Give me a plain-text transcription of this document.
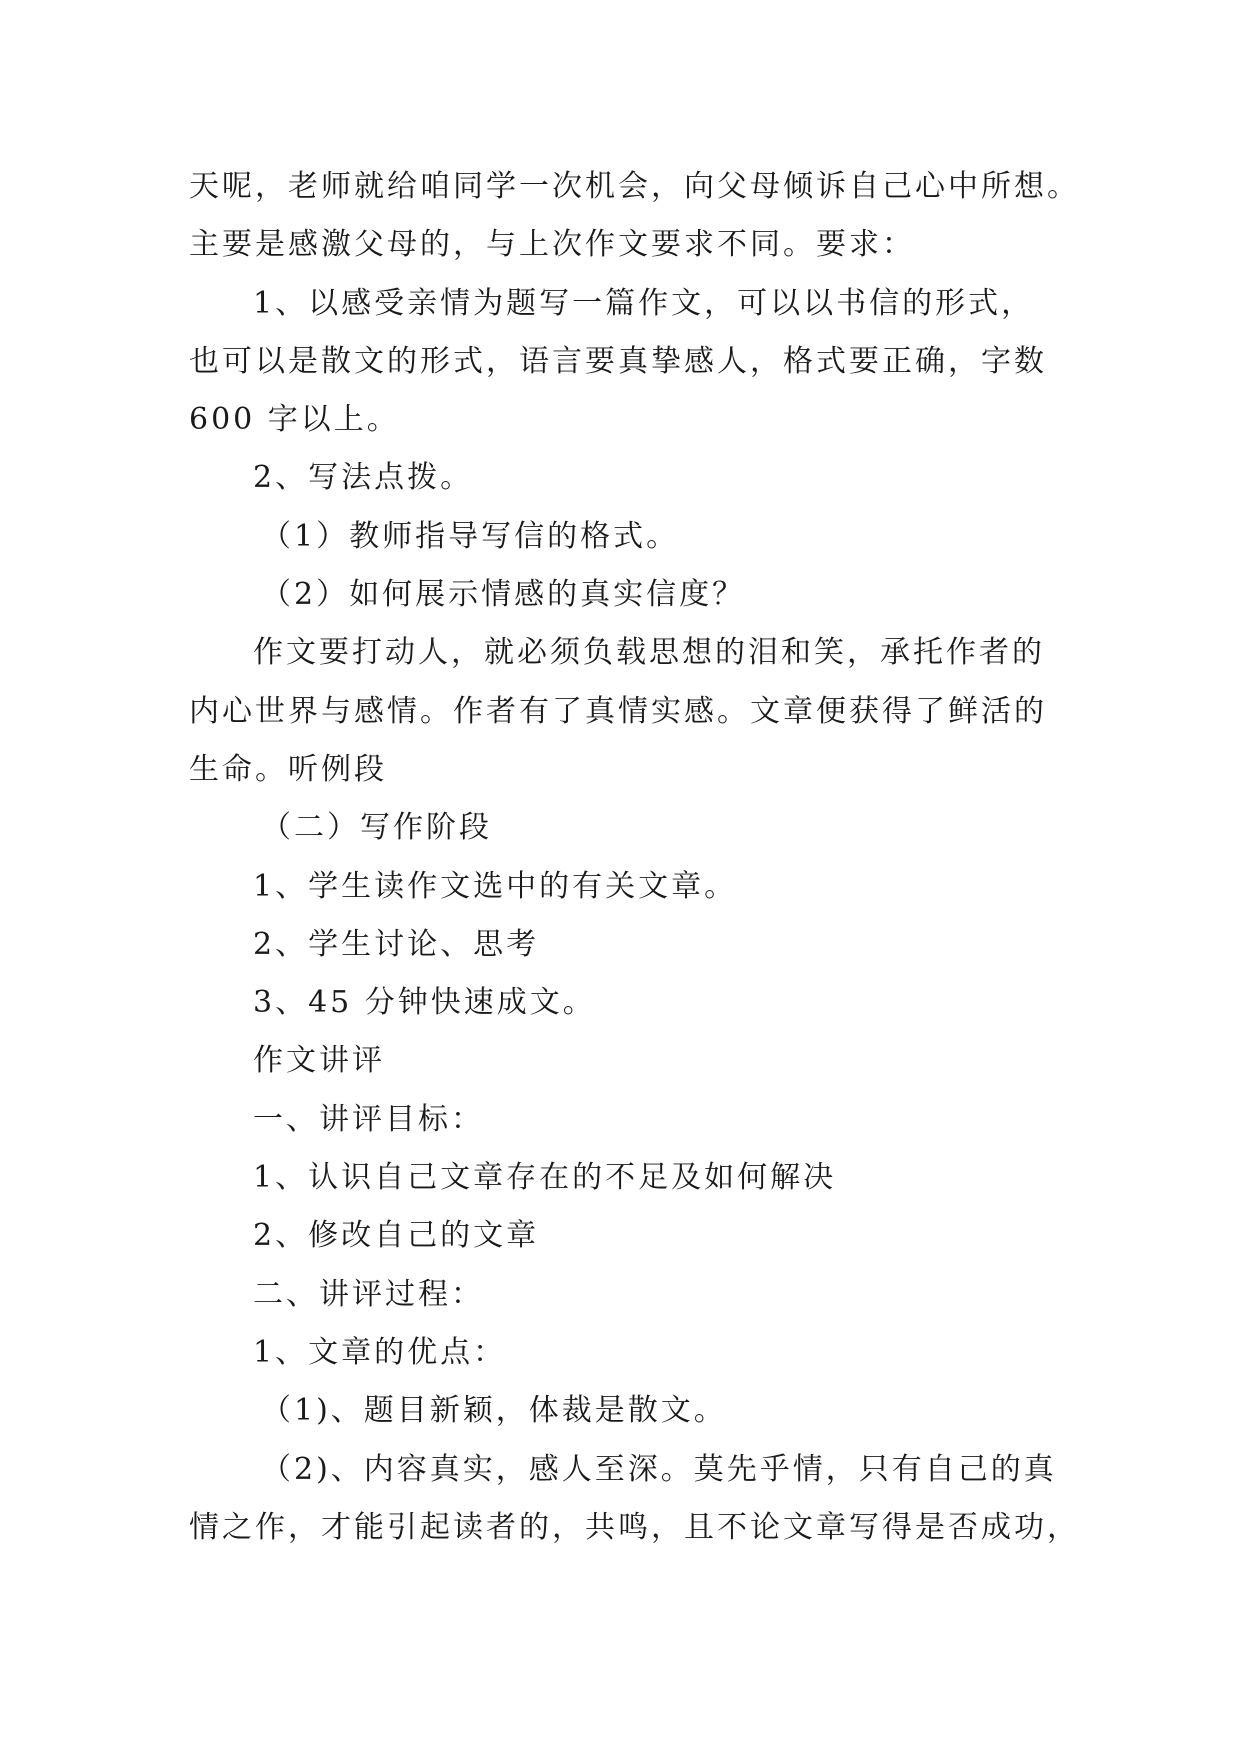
天呢，老师就给咱同学一次机会，向父母倾诉自己心中所想。
主要是感激父母的，与上次作文要求不同。要求：
1、以感受亲情为题写一篇作文，可以以书信的形式，
也可以是散文的形式，语言要真挚感人，格式要正确，字数
600 字以上。
2、写法点拨。
（1）教师指导写信的格式。
（2）如何展示情感的真实信度？
作文要打动人，就必须负载思想的泪和笑，承托作者的
内心世界与感情。作者有了真情实感。文章便获得了鲜活的
生命。听例段
（二）写作阶段
1、学生读作文选中的有关文章。
2、学生讨论、思考
3、45 分钟快速成文。
作文讲评
一、讲评目标：
1、认识自己文章存在的不足及如何解决
2、修改自己的文章
二、讲评过程：
1、文章的优点：
（1)、题目新颖，体裁是散文。
（2)、内容真实，感人至深。莫先乎情，只有自己的真
情之作，才能引起读者的，共鸣，且不论文章写得是否成功，
